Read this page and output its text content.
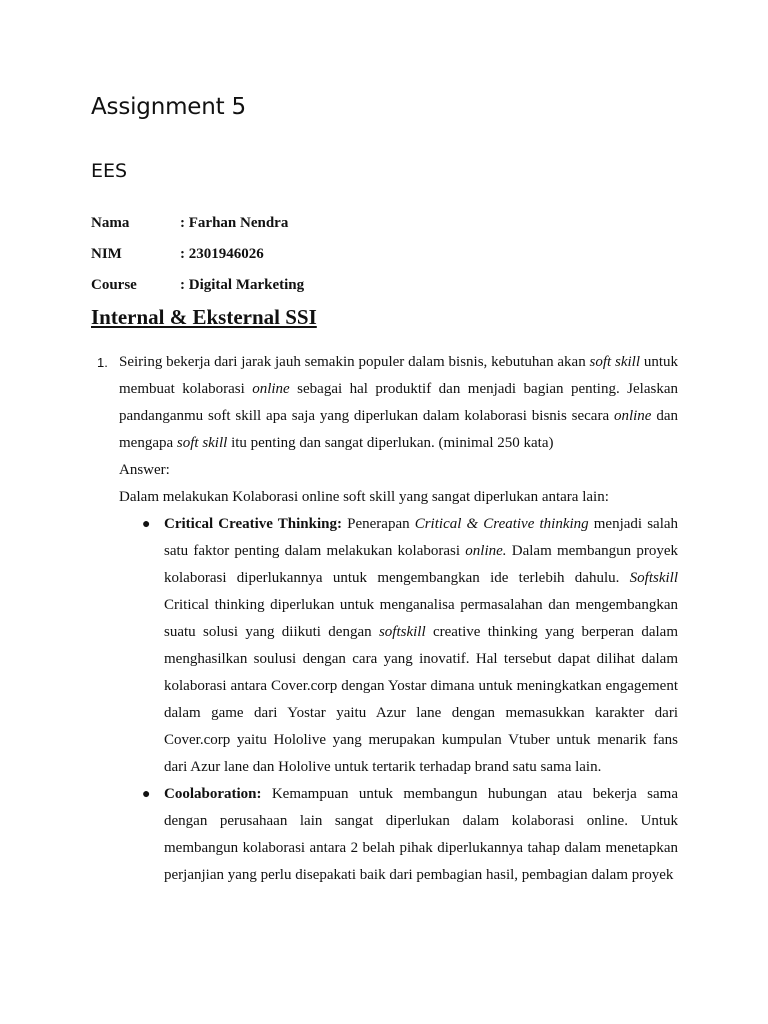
Assignment 5
EES
Nama	: Farhan Nendra
NIM	: 2301946026
Course	: Digital Marketing
Internal & Eksternal SSI
1. Seiring bekerja dari jarak jauh semakin populer dalam bisnis, kebutuhan akan soft skill untuk membuat kolaborasi online sebagai hal produktif dan menjadi bagian penting. Jelaskan pandanganmu soft skill apa saja yang diperlukan dalam kolaborasi bisnis secara online dan mengapa soft skill itu penting dan sangat diperlukan. (minimal 250 kata)

Answer:

Dalam melakukan Kolaborasi online soft skill yang sangat diperlukan antara lain:

● Critical Creative Thinking: Penerapan Critical & Creative thinking menjadi salah satu faktor penting dalam melakukan kolaborasi online. Dalam membangun proyek kolaborasi diperlukannya untuk mengembangkan ide terlebih dahulu. Softskill Critical thinking diperlukan untuk menganalisa permasalahan dan mengembangkan suatu solusi yang diikuti dengan softskill creative thinking yang berperan dalam menghasilkan soulusi dengan cara yang inovatif. Hal tersebut dapat dilihat dalam kolaborasi antara Cover.corp dengan Yostar dimana untuk meningkatkan engagement dalam game dari Yostar yaitu Azur lane dengan memasukkan karakter dari Cover.corp yaitu Hololive yang merupakan kumpulan Vtuber untuk menarik fans dari Azur lane dan Hololive untuk tertarik terhadap brand satu sama lain.
● Coolaboration: Kemampuan untuk membangun hubungan atau bekerja sama dengan perusahaan lain sangat diperlukan dalam kolaborasi online. Untuk membangun kolaborasi antara 2 belah pihak diperlukannya tahap dalam menetapkan perjanjian yang perlu disepakati baik dari pembagian hasil, pembagian dalam proyek
